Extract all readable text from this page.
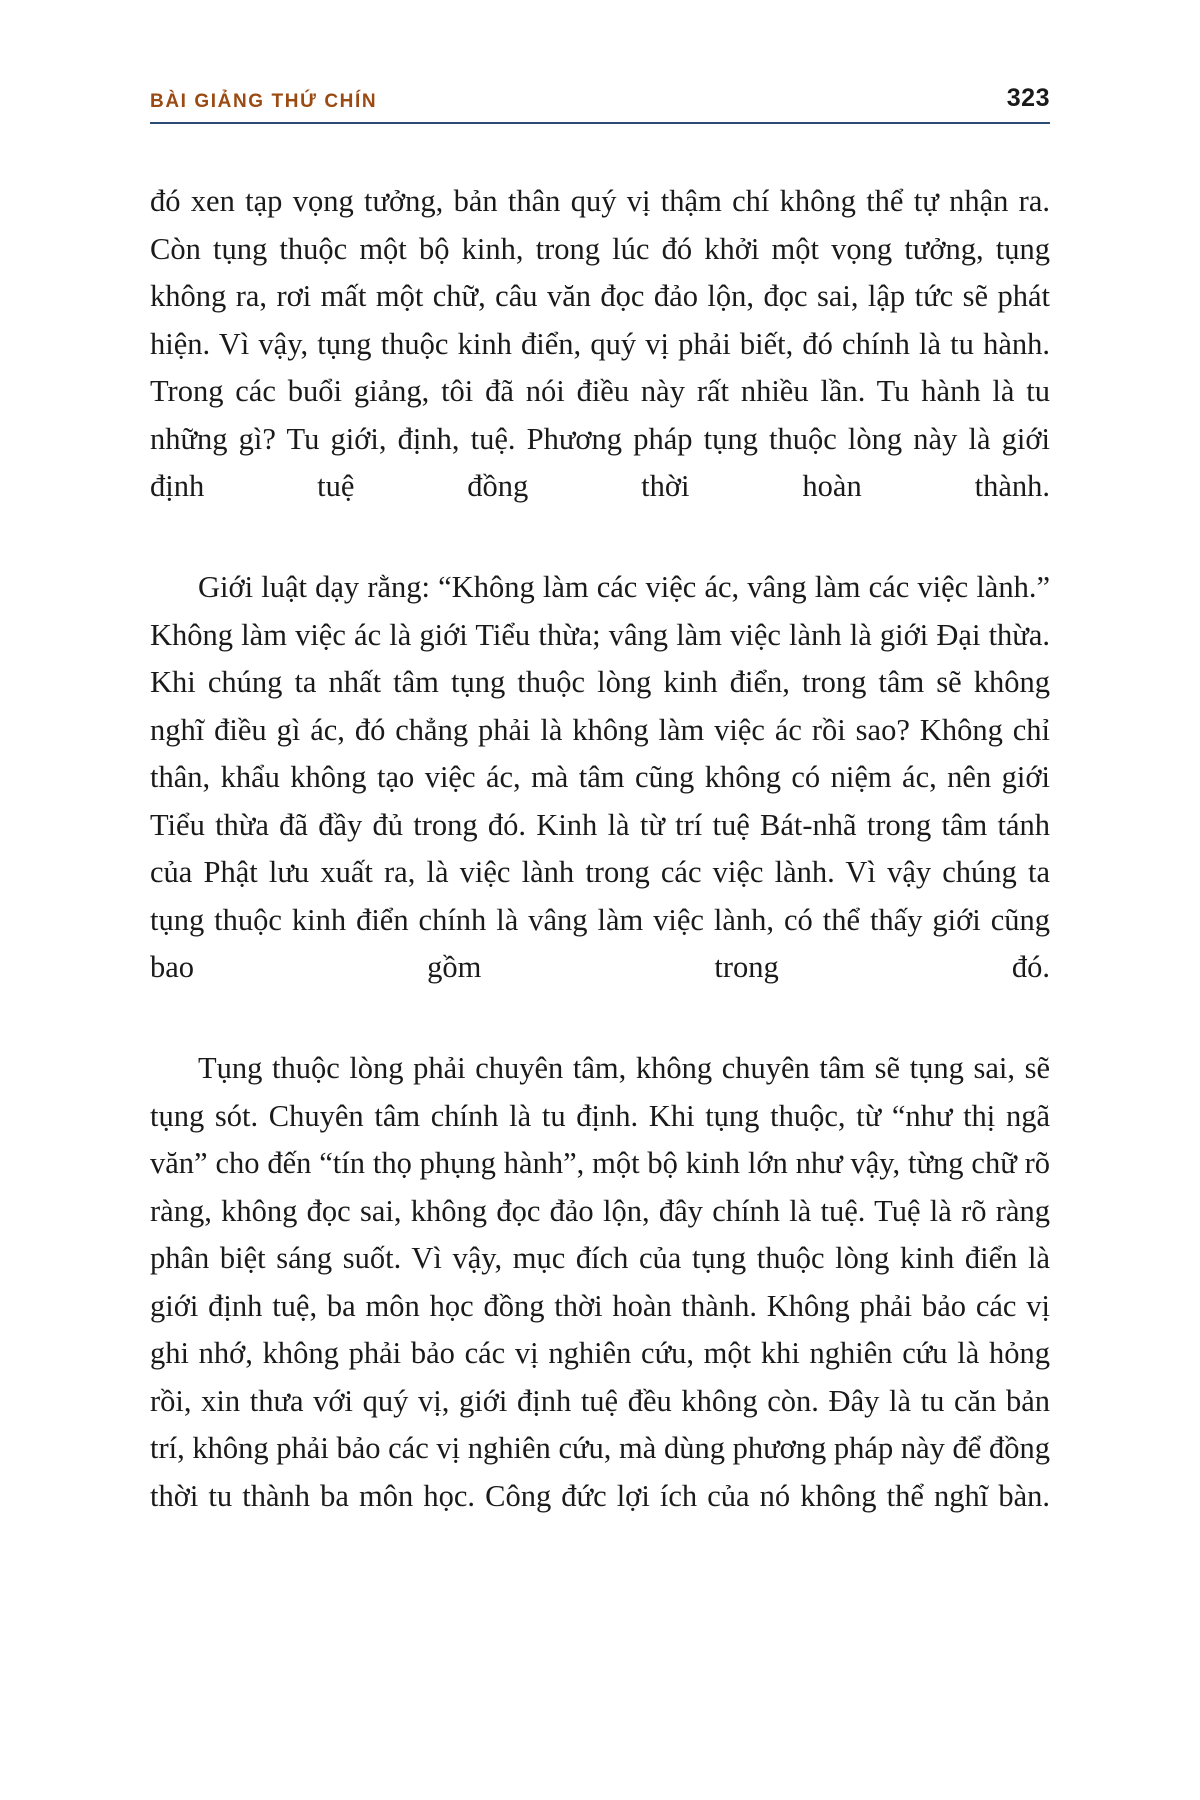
BÀI GIẢNG THỨ CHÍN	323

đó xen tạp vọng tưởng, bản thân quý vị thậm chí không thể tự nhận ra. Còn tụng thuộc một bộ kinh, trong lúc đó khởi một vọng tưởng, tụng không ra, rơi mất một chữ, câu văn đọc đảo lộn, đọc sai, lập tức sẽ phát hiện. Vì vậy, tụng thuộc kinh điển, quý vị phải biết, đó chính là tu hành. Trong các buổi giảng, tôi đã nói điều này rất nhiều lần. Tu hành là tu những gì? Tu giới, định, tuệ. Phương pháp tụng thuộc lòng này là giới định tuệ đồng thời hoàn thành.

Giới luật dạy rằng: “Không làm các việc ác, vâng làm các việc lành.” Không làm việc ác là giới Tiểu thừa; vâng làm việc lành là giới Đại thừa. Khi chúng ta nhất tâm tụng thuộc lòng kinh điển, trong tâm sẽ không nghĩ điều gì ác, đó chẳng phải là không làm việc ác rồi sao? Không chỉ thân, khẩu không tạo việc ác, mà tâm cũng không có niệm ác, nên giới Tiểu thừa đã đầy đủ trong đó. Kinh là từ trí tuệ Bát-nhã trong tâm tánh của Phật lưu xuất ra, là việc lành trong các việc lành. Vì vậy chúng ta tụng thuộc kinh điển chính là vâng làm việc lành, có thể thấy giới cũng bao gồm trong đó.

Tụng thuộc lòng phải chuyên tâm, không chuyên tâm sẽ tụng sai, sẽ tụng sót. Chuyên tâm chính là tu định. Khi tụng thuộc, từ “như thị ngã văn” cho đến “tín thọ phụng hành”, một bộ kinh lớn như vậy, từng chữ rõ ràng, không đọc sai, không đọc đảo lộn, đây chính là tuệ. Tuệ là rõ ràng phân biệt sáng suốt. Vì vậy, mục đích của tụng thuộc lòng kinh điển là giới định tuệ, ba môn học đồng thời hoàn thành. Không phải bảo các vị ghi nhớ, không phải bảo các vị nghiên cứu, một khi nghiên cứu là hỏng rồi, xin thưa với quý vị, giới định tuệ đều không còn. Đây là tu căn bản trí, không phải bảo các vị nghiên cứu, mà dùng phương pháp này để đồng thời tu thành ba môn học. Công đức lợi ích của nó không thể nghĩ bàn.
